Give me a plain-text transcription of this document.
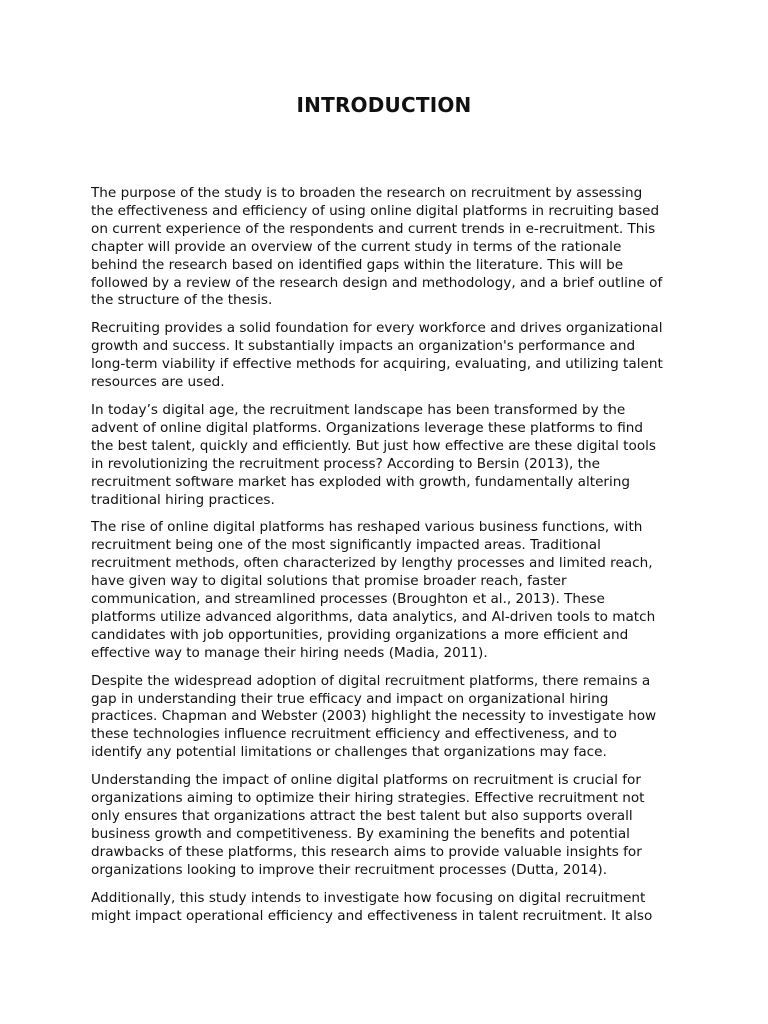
INTRODUCTION

The purpose of the study is to broaden the research on recruitment by assessing
the effectiveness and efficiency of using online digital platforms in recruiting based
on current experience of the respondents and current trends in e-recruitment. This
chapter will provide an overview of the current study in terms of the rationale
behind the research based on identified gaps within the literature. This will be
followed by a review of the research design and methodology, and a brief outline of
the structure of the thesis.

Recruiting provides a solid foundation for every workforce and drives organizational
growth and success. It substantially impacts an organization's performance and
long-term viability if effective methods for acquiring, evaluating, and utilizing talent
resources are used.

In today’s digital age, the recruitment landscape has been transformed by the
advent of online digital platforms. Organizations leverage these platforms to find
the best talent, quickly and efficiently. But just how effective are these digital tools
in revolutionizing the recruitment process? According to Bersin (2013), the
recruitment software market has exploded with growth, fundamentally altering
traditional hiring practices.

The rise of online digital platforms has reshaped various business functions, with
recruitment being one of the most significantly impacted areas. Traditional
recruitment methods, often characterized by lengthy processes and limited reach,
have given way to digital solutions that promise broader reach, faster
communication, and streamlined processes (Broughton et al., 2013). These
platforms utilize advanced algorithms, data analytics, and AI-driven tools to match
candidates with job opportunities, providing organizations a more efficient and
effective way to manage their hiring needs (Madia, 2011).

Despite the widespread adoption of digital recruitment platforms, there remains a
gap in understanding their true efficacy and impact on organizational hiring
practices. Chapman and Webster (2003) highlight the necessity to investigate how
these technologies influence recruitment efficiency and effectiveness, and to
identify any potential limitations or challenges that organizations may face.

Understanding the impact of online digital platforms on recruitment is crucial for
organizations aiming to optimize their hiring strategies. Effective recruitment not
only ensures that organizations attract the best talent but also supports overall
business growth and competitiveness. By examining the benefits and potential
drawbacks of these platforms, this research aims to provide valuable insights for
organizations looking to improve their recruitment processes (Dutta, 2014).

Additionally, this study intends to investigate how focusing on digital recruitment
might impact operational efficiency and effectiveness in talent recruitment. It also
